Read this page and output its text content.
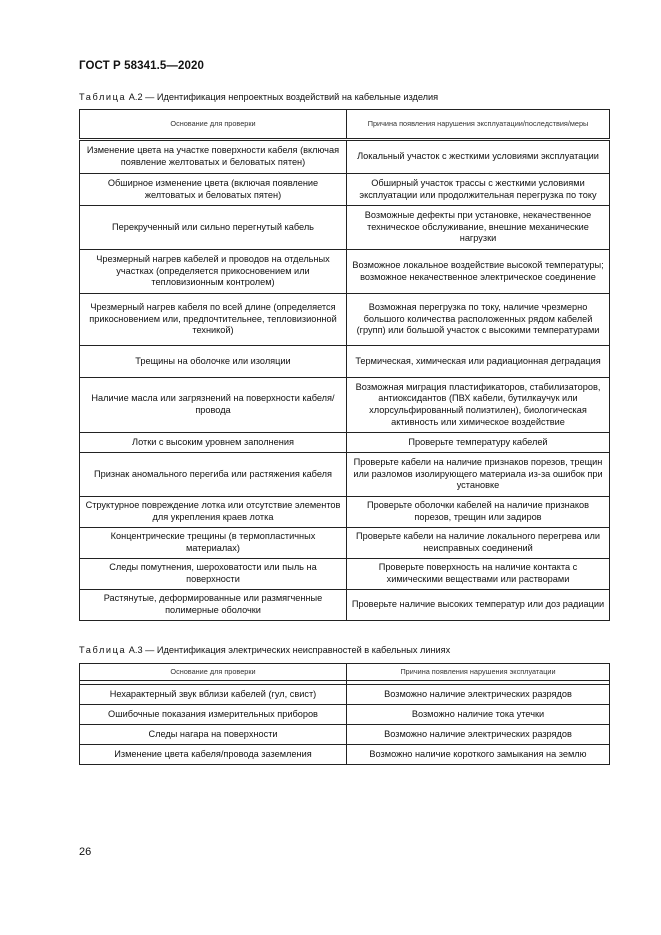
ГОСТ Р 58341.5—2020
Таблица А.2 — Идентификация непроектных воздействий на кабельные изделия
Основание для проверки	Причина появления нарушения эксплуатации/последствия/меры
Изменение цвета на участке поверхности кабеля (включая появление желтоватых и беловатых пятен)	Локальный участок с жесткими условиями эксплуатации
Обширное изменение цвета (включая появление желтоватых и беловатых пятен)	Обширный участок трассы с жесткими условиями эксплуатации или продолжительная перегрузка по току
Перекрученный или сильно перегнутый кабель	Возможные дефекты при установке, некачественное техническое обслуживание, внешние механические нагрузки
Чрезмерный нагрев кабелей и проводов на отдельных участках (определяется прикосновением или тепловизионным контролем)	Возможное локальное воздействие высокой температуры; возможное некачественное электрическое соединение
Чрезмерный нагрев кабеля по всей длине (определяется прикосновением или, предпочтительнее, тепловизионной техникой)	Возможная перегрузка по току, наличие чрезмерно большого количества расположенных рядом кабелей (групп) или большой участок с высокими температурами
Трещины на оболочке или изоляции	Термическая, химическая или радиационная деградация
Наличие масла или загрязнений на поверхности кабеля/провода	Возможная миграция пластификаторов, стабилизаторов, антиоксидантов (ПВХ кабели, бутилкаучук или хлорсульфированный полиэтилен), биологическая активность или химическое воздействие
Лотки с высоким уровнем заполнения	Проверьте температуру кабелей
Признак аномального перегиба или растяжения кабеля	Проверьте кабели на наличие признаков порезов, трещин или разломов изолирующего материала из-за ошибок при установке
Структурное повреждение лотка или отсутствие элементов для укрепления краев лотка	Проверьте оболочки кабелей на наличие признаков порезов, трещин или задиров
Концентрические трещины (в термопластичных материалах)	Проверьте кабели на наличие локального перегрева или неисправных соединений
Следы помутнения, шероховатости или пыль на поверхности	Проверьте поверхность на наличие контакта с химическими веществами или растворами
Растянутые, деформированные или размягченные полимерные оболочки	Проверьте наличие высоких температур или доз радиации
Таблица А.3 — Идентификация электрических неисправностей в кабельных линиях
Основание для проверки	Причина появления нарушения эксплуатации

Нехарактерный звук вблизи кабелей (гул, свист)	Возможно наличие электрических разрядов
Ошибочные показания измерительных приборов	Возможно наличие тока утечки
Следы нагара на поверхности	Возможно наличие электрических разрядов
Изменение цвета кабеля/провода заземления	Возможно наличие короткого замыкания на землю
26
